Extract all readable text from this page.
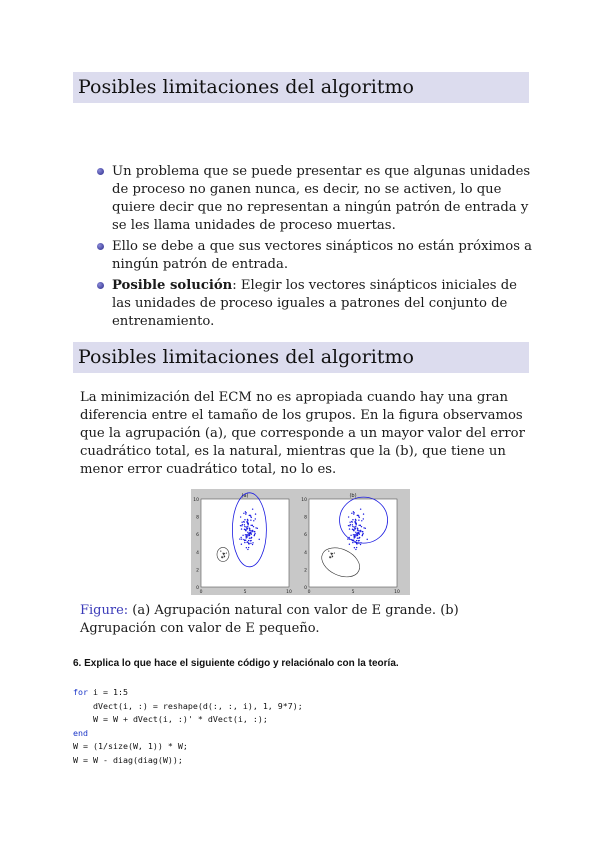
Posibles limitaciones del algoritmo
Un problema que se puede presentar es que algunas unidades de proceso no ganen nunca, es decir, no se activen, lo que quiere decir que no representan a ningún patrón de entrada y se les llama unidades de proceso muertas.
Ello se debe a que sus vectores sinápticos no están próximos a ningún patrón de entrada.
Posible solución: Elegir los vectores sinápticos iniciales de las unidades de proceso iguales a patrones del conjunto de entrenamiento.
Posibles limitaciones del algoritmo

La minimización del ECM no es apropiada cuando hay una gran diferencia entre el tamaño de los grupos. En la figura observamos que la agrupación (a), que corresponde a un mayor valor del error cuadrático total, es la natural, mientras que la (b), que tiene un menor error cuadrático total, no lo es.

(a)
0	5	10
10
8
6
4
2
0
(b)
0	5	10
10
8
6
4
2
0

Figure: (a) Agrupación natural con valor de E grande. (b) Agrupación con valor de E pequeño.

6. Explica lo que hace el siguiente código y relaciónalo con la teoría.
for i = 1:5
dVect(i, :) = reshape(d(:, :, i), 1, 9*7);
W = W + dVect(i, :)' * dVect(i, :);
end
W = (1/size(W, 1)) * W;
W = W - diag(diag(W));
